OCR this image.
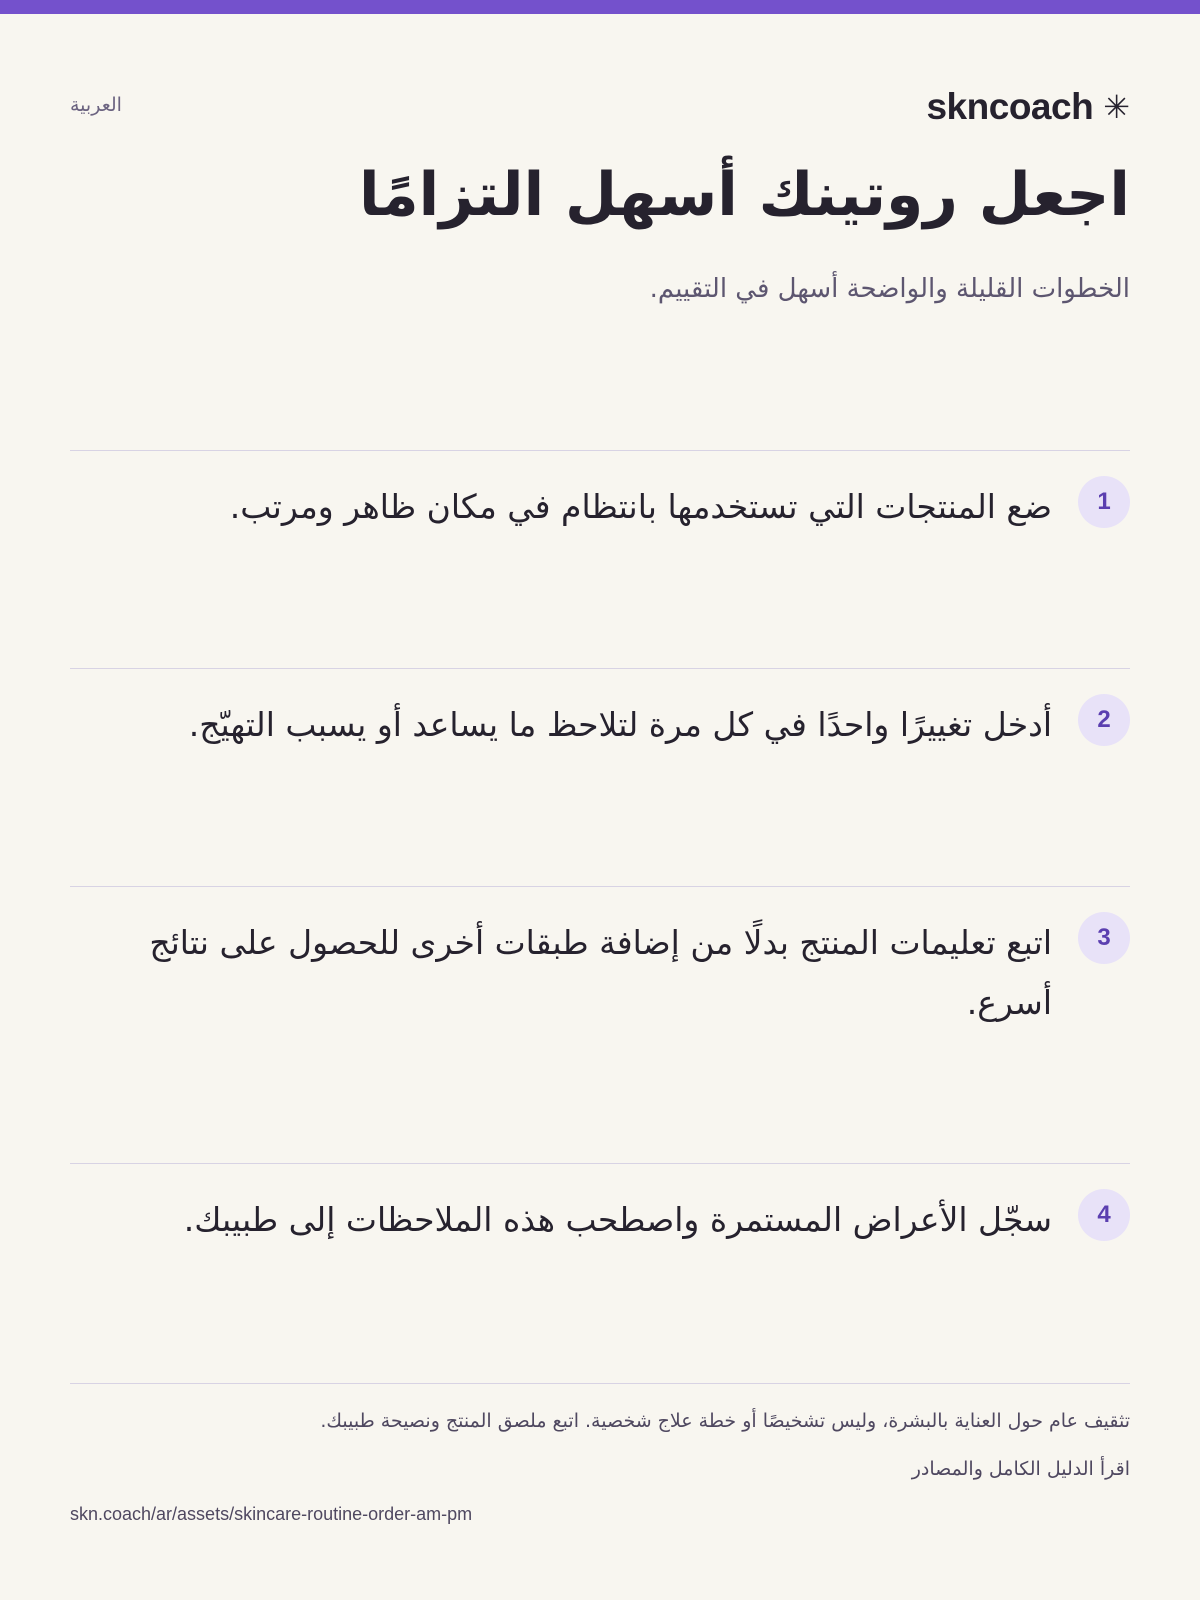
العربية	skncoach ✳
اجعل روتينك أسهل التزامًا
الخطوات القليلة والواضحة أسهل في التقييم.
1
ضع المنتجات التي تستخدمها بانتظام في مكان ظاهر ومرتب.
2
أدخل تغييرًا واحدًا في كل مرة لتلاحظ ما يساعد أو يسبب التهيّج.
3
اتبع تعليمات المنتج بدلًا من إضافة طبقات أخرى للحصول على نتائج أسرع.
4
سجّل الأعراض المستمرة واصطحب هذه الملاحظات إلى طبيبك.
تثقيف عام حول العناية بالبشرة، وليس تشخيصًا أو خطة علاج شخصية. اتبع ملصق المنتج ونصيحة طبيبك.
اقرأ الدليل الكامل والمصادر
skn.coach/ar/assets/skincare-routine-order-am-pm
